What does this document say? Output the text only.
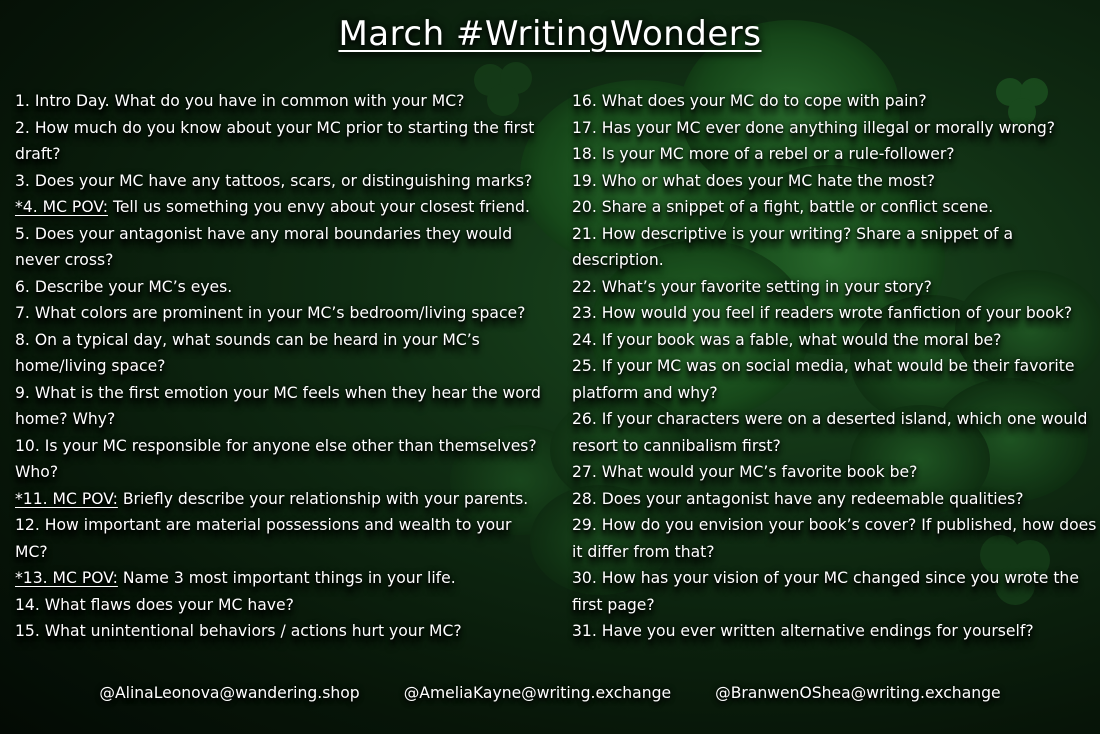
March #WritingWonders
1. Intro Day. What do you have in common with your MC?
2. How much do you know about your MC prior to starting the first
draft?
3. Does your MC have any tattoos, scars, or distinguishing marks?
*4. MC POV: Tell us something you envy about your closest friend.
5. Does your antagonist have any moral boundaries they would
never cross?
6. Describe your MC’s eyes.
7. What colors are prominent in your MC’s bedroom/living space?
8. On a typical day, what sounds can be heard in your MC’s
home/living space?
9. What is the first emotion your MC feels when they hear the word
home? Why?
10. Is your MC responsible for anyone else other than themselves?
Who?
*11. MC POV: Briefly describe your relationship with your parents.
12. How important are material possessions and wealth to your
MC?
*13. MC POV: Name 3 most important things in your life.
14. What flaws does your MC have?
15. What unintentional behaviors / actions hurt your MC?
16. What does your MC do to cope with pain?
17. Has your MC ever done anything illegal or morally wrong?
18. Is your MC more of a rebel or a rule-follower?
19. Who or what does your MC hate the most?
20. Share a snippet of a fight, battle or conflict scene.
21. How descriptive is your writing? Share a snippet of a
description.
22. What’s your favorite setting in your story?
23. How would you feel if readers wrote fanfiction of your book?
24. If your book was a fable, what would the moral be?
25. If your MC was on social media, what would be their favorite
platform and why?
26. If your characters were on a deserted island, which one would
resort to cannibalism first?
27. What would your MC’s favorite book be?
28. Does your antagonist have any redeemable qualities?
29. How do you envision your book’s cover? If published, how does
it differ from that?
30. How has your vision of your MC changed since you wrote the
first page?
31. Have you ever written alternative endings for yourself?
@AlinaLeonova@wandering.shop	@AmeliaKayne@writing.exchange	@BranwenOShea@writing.exchange
